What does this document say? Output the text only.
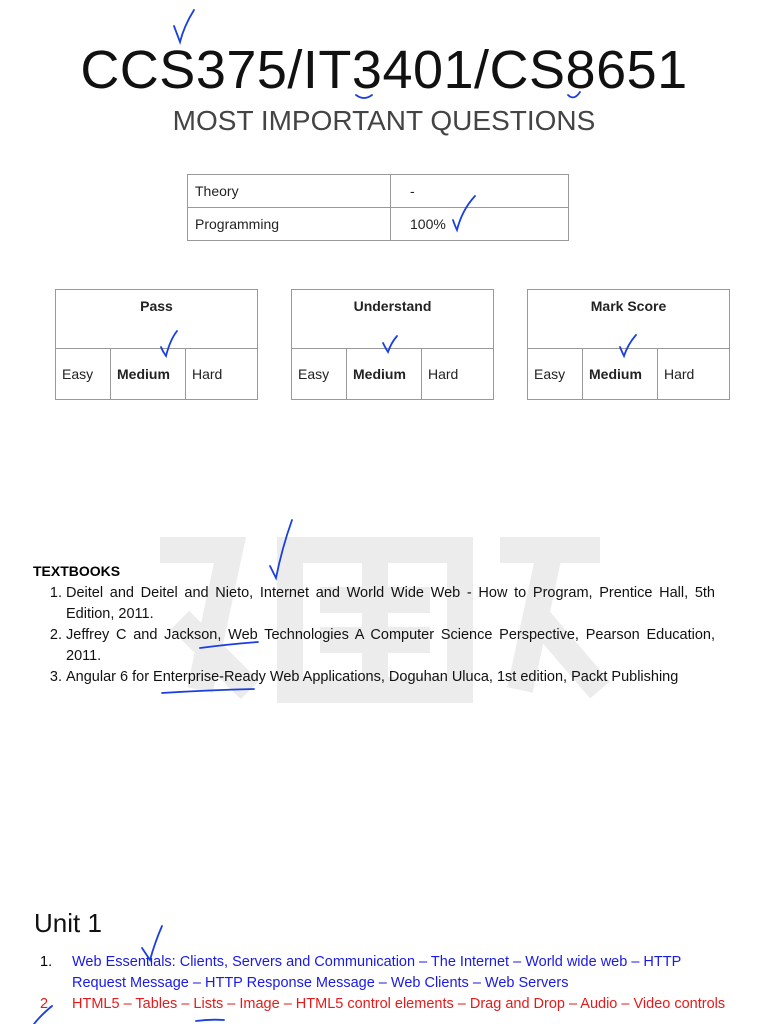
CCS375/IT3401/CS8651
MOST IMPORTANT QUESTIONS
Theory	-
Programming	100%
Pass
Easy	Medium	Hard
Understand
Easy	Medium	Hard
Mark Score
Easy	Medium	Hard
TEXTBOOKS
1. Deitel and Deitel and Nieto, Internet and World Wide Web - How to Program, Prentice Hall, 5th Edition, 2011.
2. Jeffrey C and Jackson, Web Technologies A Computer Science Perspective, Pearson Education, 2011.
3. Angular 6 for Enterprise-Ready Web Applications, Doguhan Uluca, 1st edition, Packt Publishing
Unit 1
1. Web Essentials: Clients, Servers and Communication – The Internet – World wide web – HTTP Request Message – HTTP Response Message – Web Clients – Web Servers
2. HTML5 – Tables – Lists – Image – HTML5 control elements – Drag and Drop – Audio – Video controls
